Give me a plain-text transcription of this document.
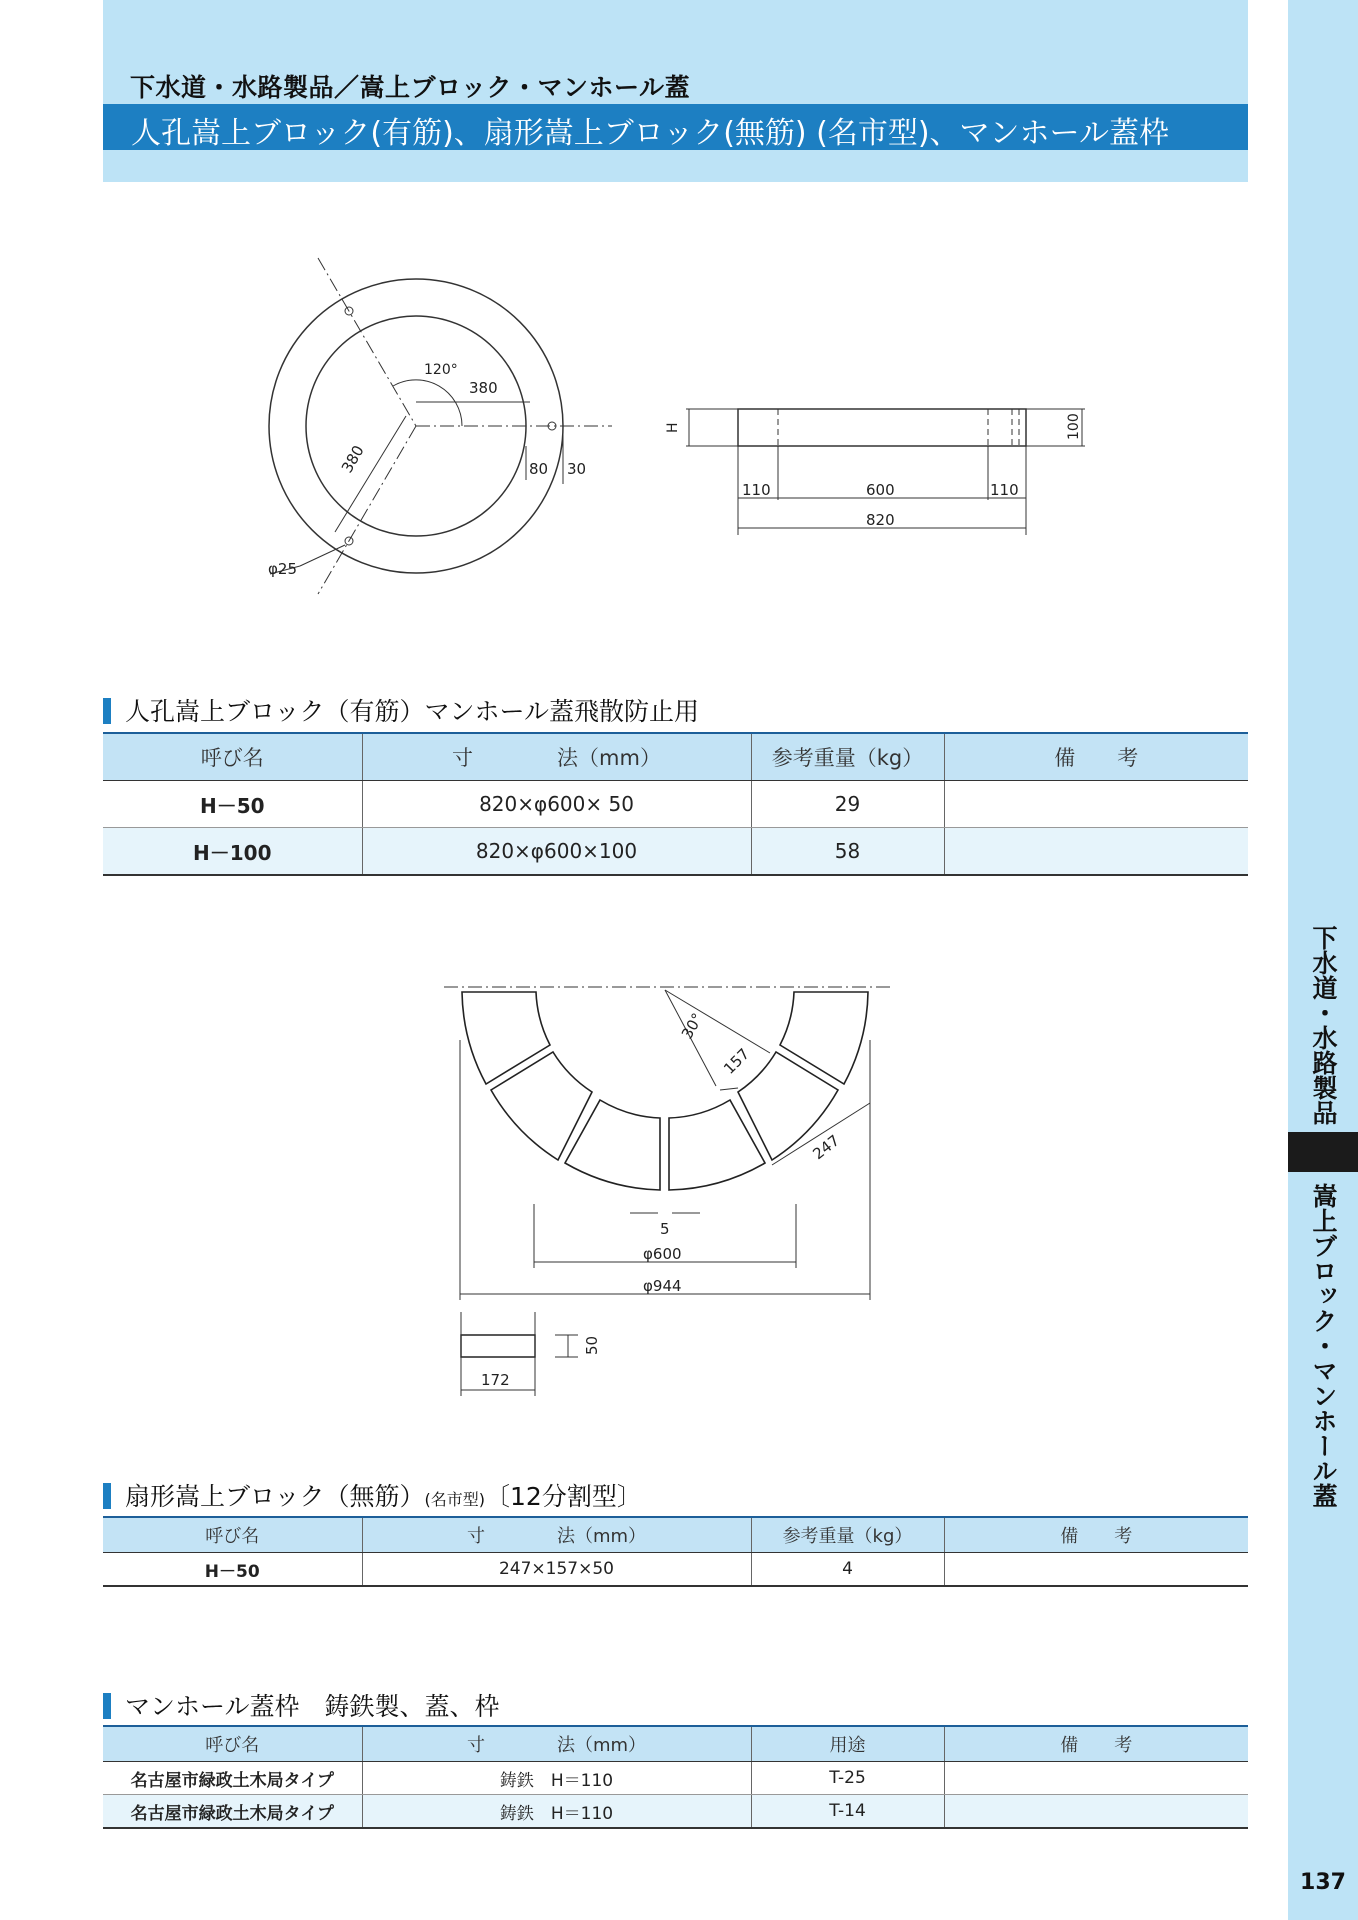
下水道・水路製品／嵩上ブロック・マンホール蓋
人孔嵩上ブロック(有筋)、扇形嵩上ブロック(無筋) (名市型)、マンホール蓋枠
下水道・水路製品
嵩上ブロック・マンホール蓋
137
120°
380
380	80 30
φ25
H	100
110	600	110
820
人孔嵩上ブロック（有筋）マンホール蓋飛散防止用
呼び名	寸　　　　法（mm）	参考重量（kg）	備　　考
H－50	820×φ600× 50	29	
H－100	820×φ600×100	58	
30°
157
247
5
φ600
φ944
50
172
扇形嵩上ブロック（無筋）(名市型)〔12分割型〕
呼び名	寸　　　　法（mm）	参考重量（kg）	備　　考
H－50	247×157×50	4	
マンホール蓋枠　鋳鉄製、蓋、枠
呼び名	寸　　　　法（mm）	用途	備　　考
名古屋市緑政土木局タイプ	鋳鉄　H＝110	T-25	
名古屋市緑政土木局タイプ	鋳鉄　H＝110	T-14	
